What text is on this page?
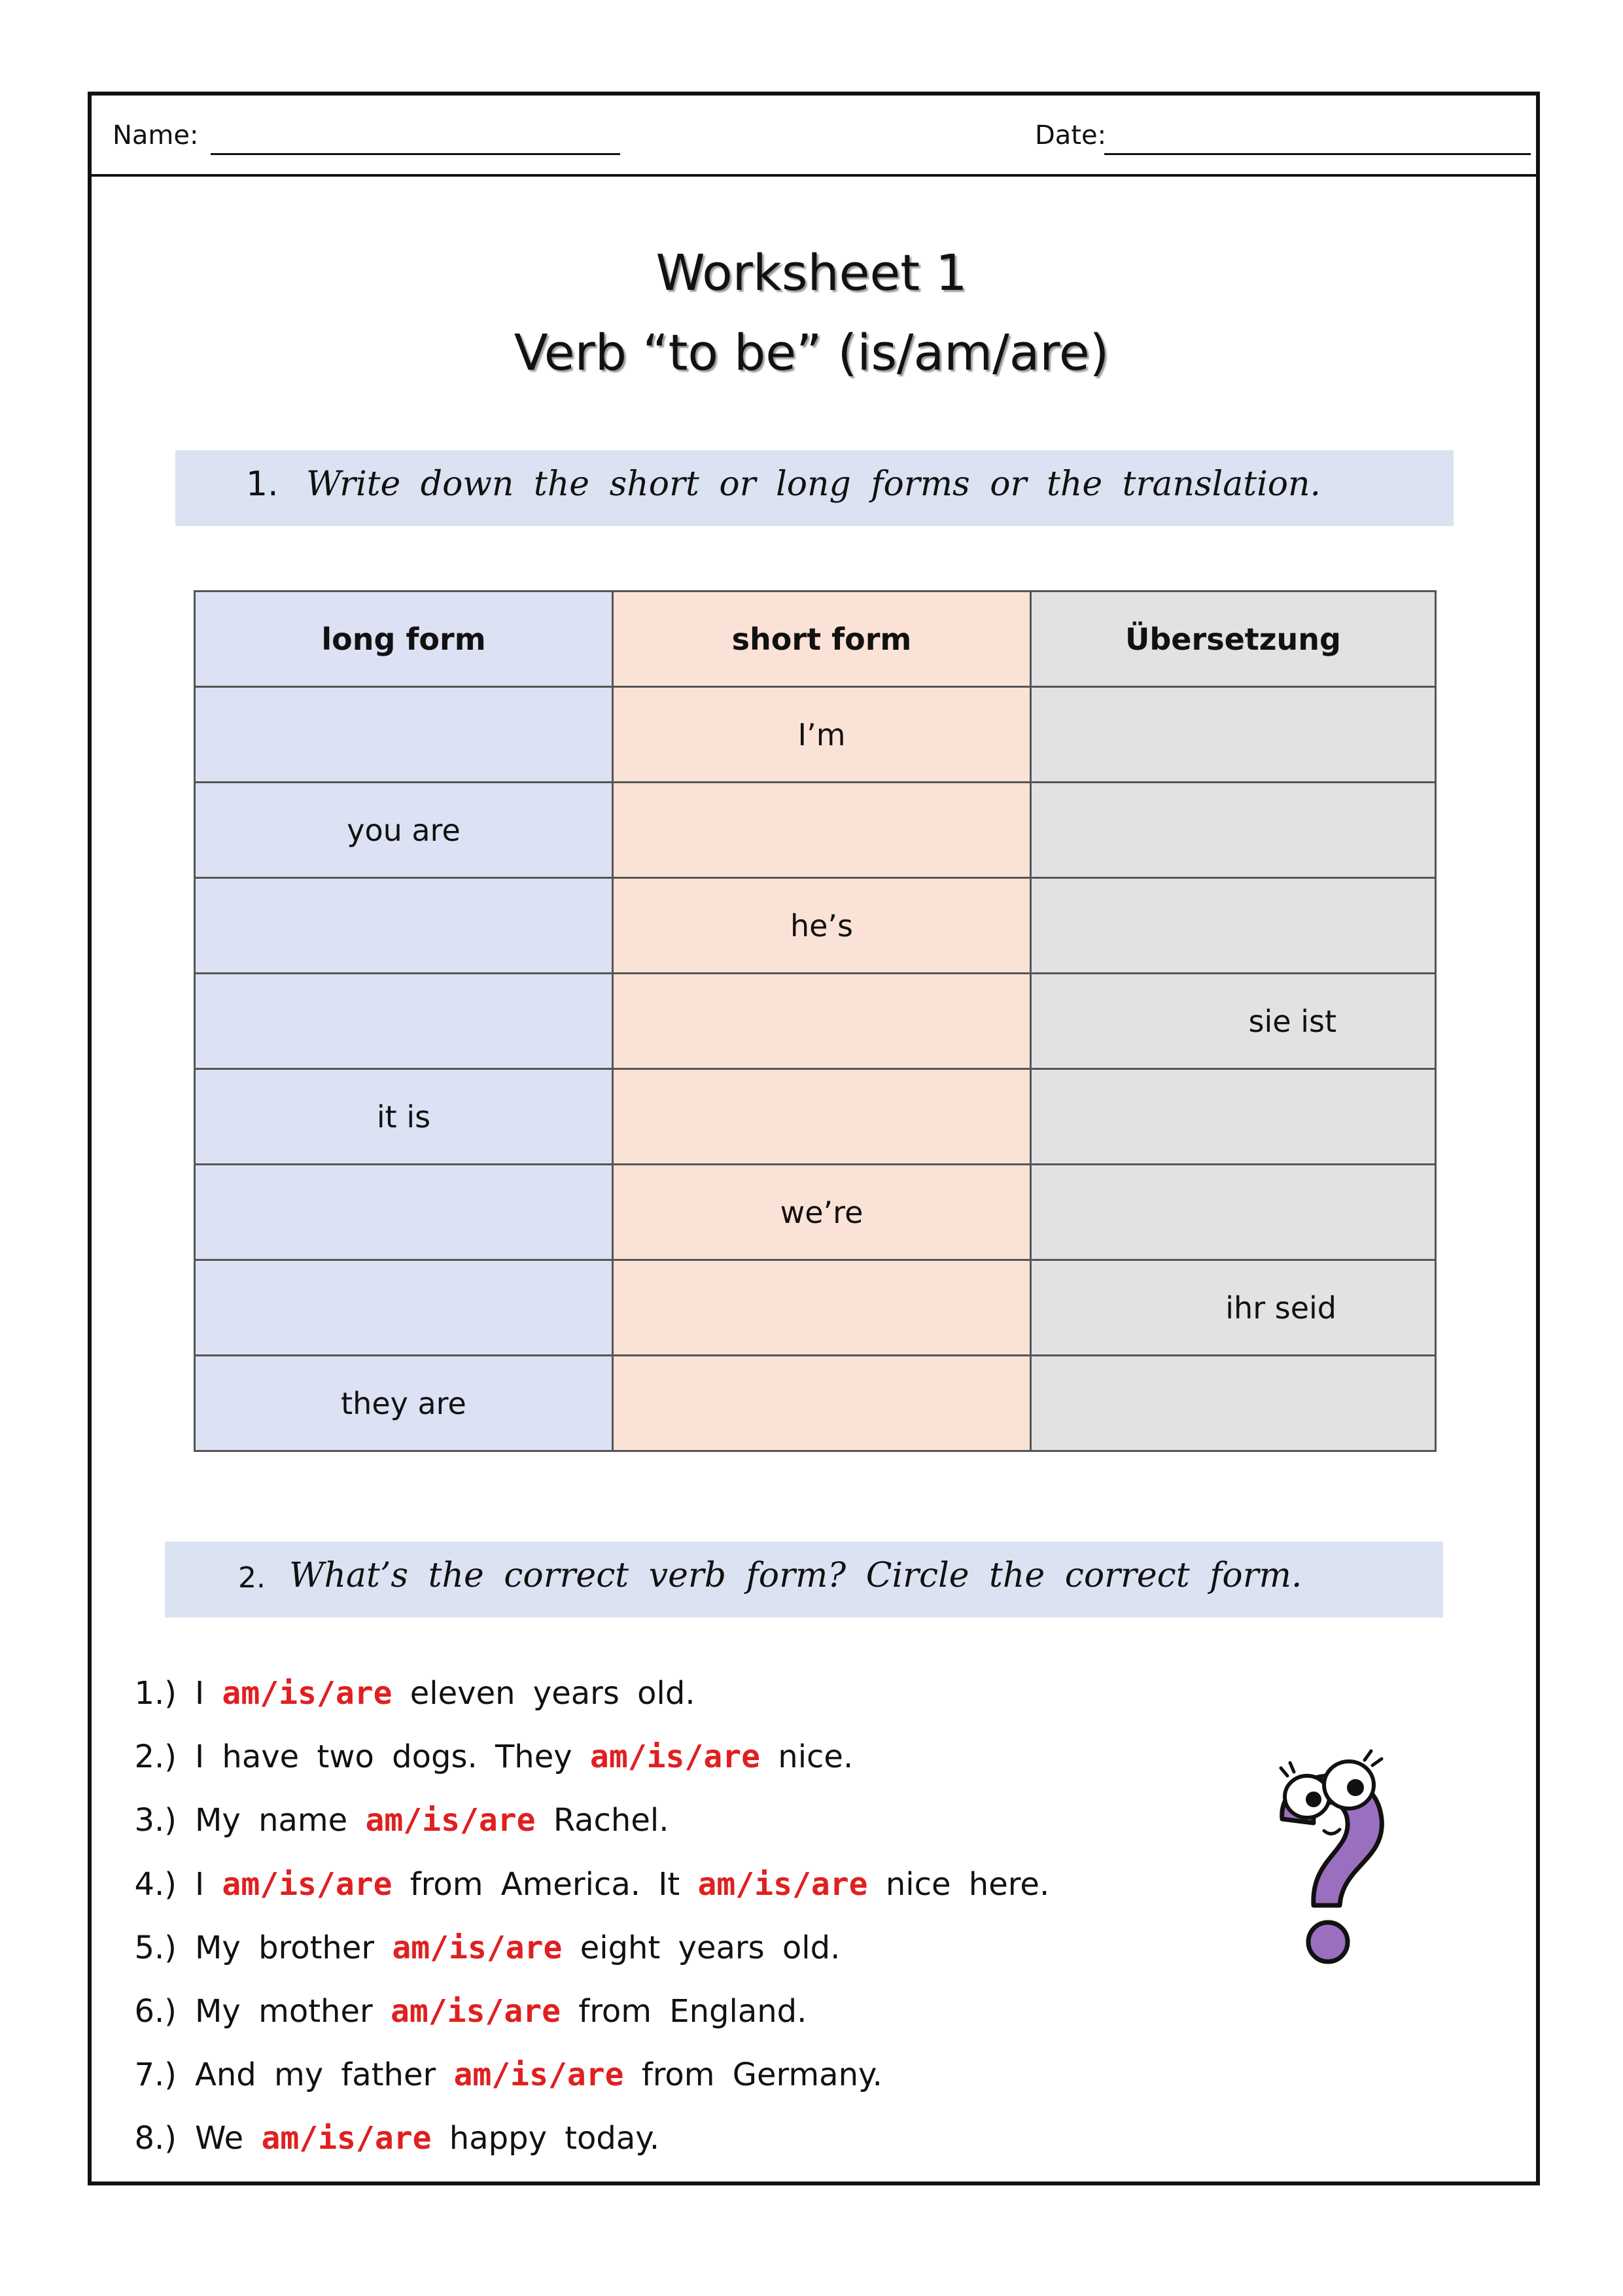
Name:	Date:
Worksheet 1
Verb “to be” (is/am/are)
1. Write down the short or long forms or the translation.
long form	short form	Übersetzung
	I’m	
you are		
	he’s	
		sie ist
it is		
	we’re	
		ihr seid
they are		
2. What’s the correct verb form? Circle the correct form.
1.) I am/is/are eleven years old.
2.) I have two dogs. They am/is/are nice.
3.) My name am/is/are Rachel.
4.) I am/is/are from America. It am/is/are nice here.
5.) My brother am/is/are eight years old.
6.) My mother am/is/are from England.
7.) And my father am/is/are from Germany.
8.) We am/is/are happy today.
